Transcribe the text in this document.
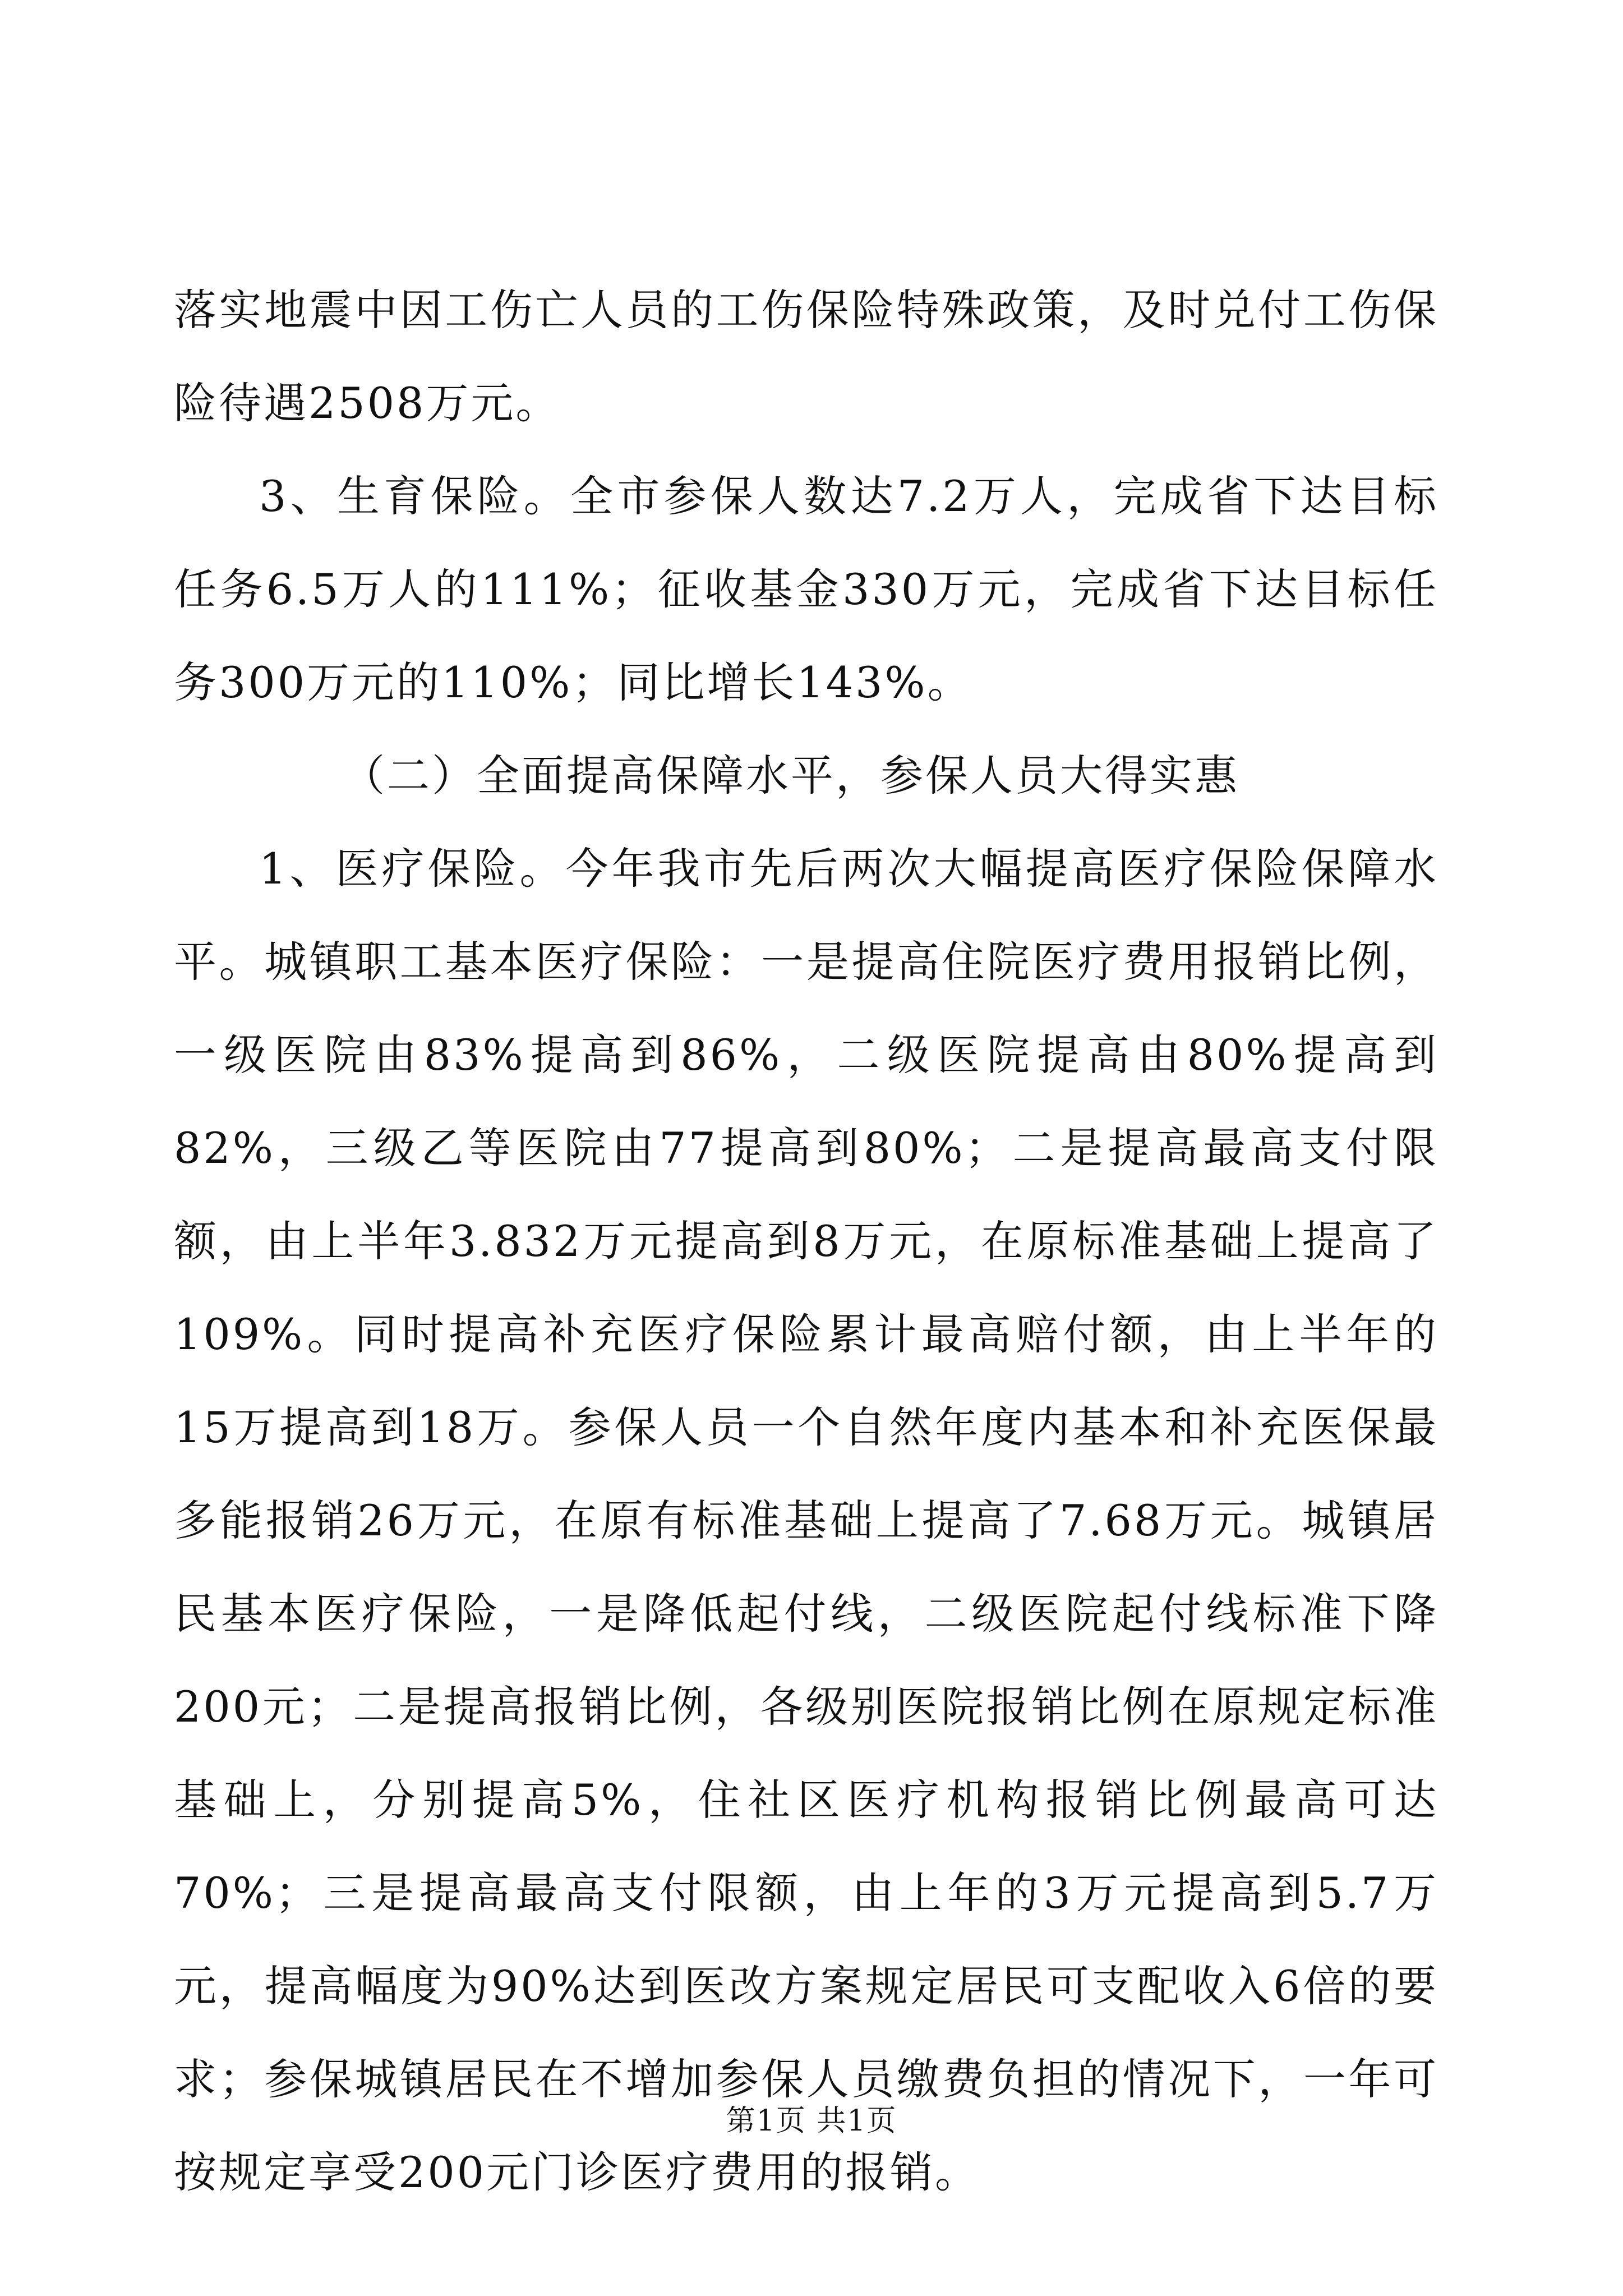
落实地震中因工伤亡人员的工伤保险特殊政策，及时兑付工伤保险待遇2508万元。

3、生育保险。全市参保人数达7.2万人，完成省下达目标任务6.5万人的111%；征收基金330万元，完成省下达目标任务300万元的110%；同比增长143%。

（二）全面提高保障水平，参保人员大得实惠

1、医疗保险。今年我市先后两次大幅提高医疗保险保障水平。城镇职工基本医疗保险：一是提高住院医疗费用报销比例，一级医院由83%提高到86%，二级医院提高由80%提高到82%，三级乙等医院由77提高到80%；二是提高最高支付限额，由上半年3.832万元提高到8万元，在原标准基础上提高了109%。同时提高补充医疗保险累计最高赔付额，由上半年的15万提高到18万。参保人员一个自然年度内基本和补充医保最多能报销26万元，在原有标准基础上提高了7.68万元。城镇居民基本医疗保险，一是降低起付线，二级医院起付线标准下降200元；二是提高报销比例，各级别医院报销比例在原规定标准基础上，分别提高5%，住社区医疗机构报销比例最高可达70%；三是提高最高支付限额，由上年的3万元提高到5.7万元，提高幅度为90%达到医改方案规定居民可支配收入6倍的要求；参保城镇居民在不增加参保人员缴费负担的情况下，一年可按规定享受200元门诊医疗费用的报销。

第1页 共1页
